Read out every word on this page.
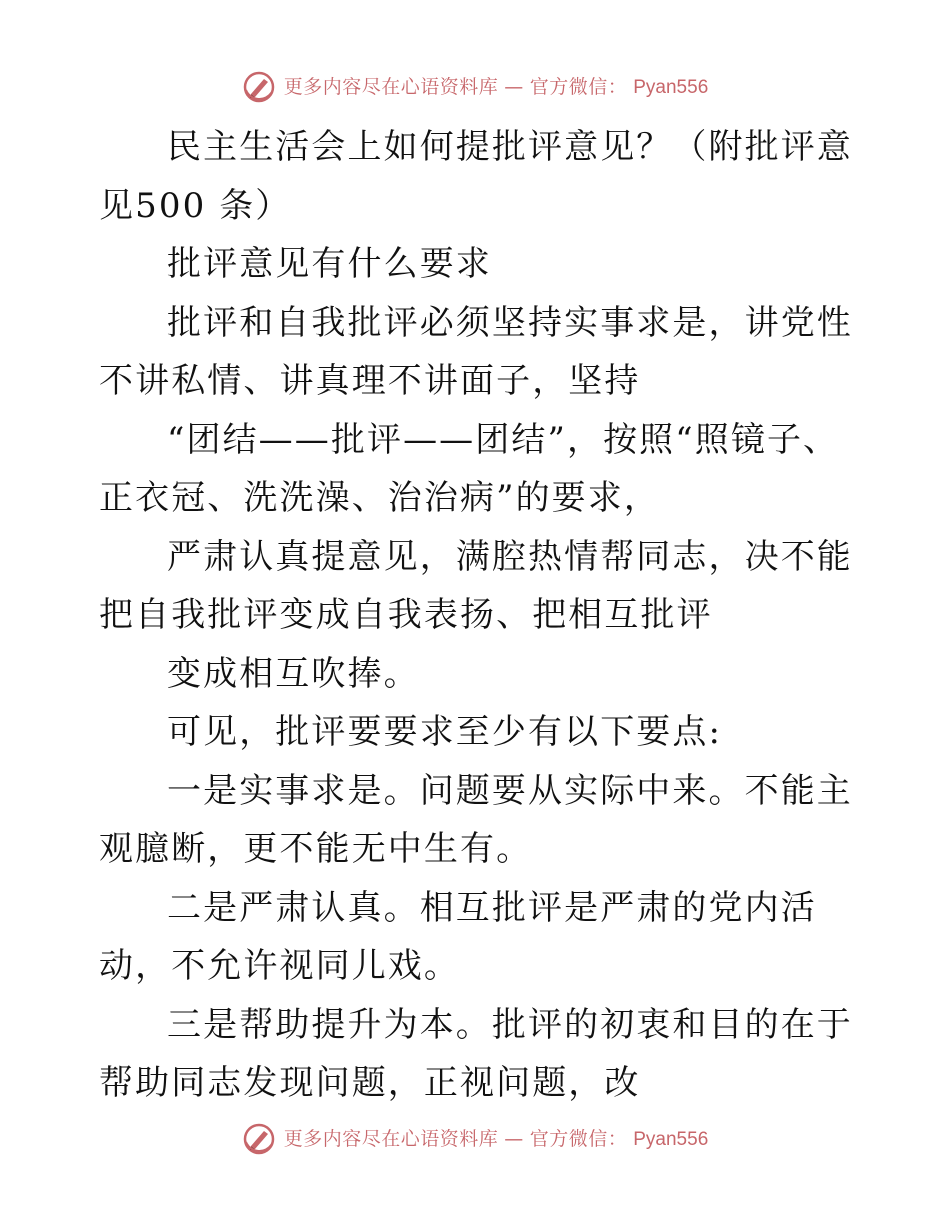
更多内容尽在心语资料库 — 官方微信： Pyan556

民主生活会上如何提批评意见？（附批评意见500 条）

批评意见有什么要求

批评和自我批评必须坚持实事求是，讲党性不讲私情、讲真理不讲面子，坚持

“团结——批评——团结”，按照“照镜子、正衣冠、洗洗澡、治治病”的要求，

严肃认真提意见，满腔热情帮同志，决不能把自我批评变成自我表扬、把相互批评

变成相互吹捧。

可见，批评要要求至少有以下要点:

一是实事求是。问题要从实际中来。不能主观臆断，更不能无中生有。

二是严肃认真。相互批评是严肃的党内活动，不允许视同儿戏。

三是帮助提升为本。批评的初衷和目的在于帮助同志发现问题，正视问题，改

更多内容尽在心语资料库 — 官方微信： Pyan556
